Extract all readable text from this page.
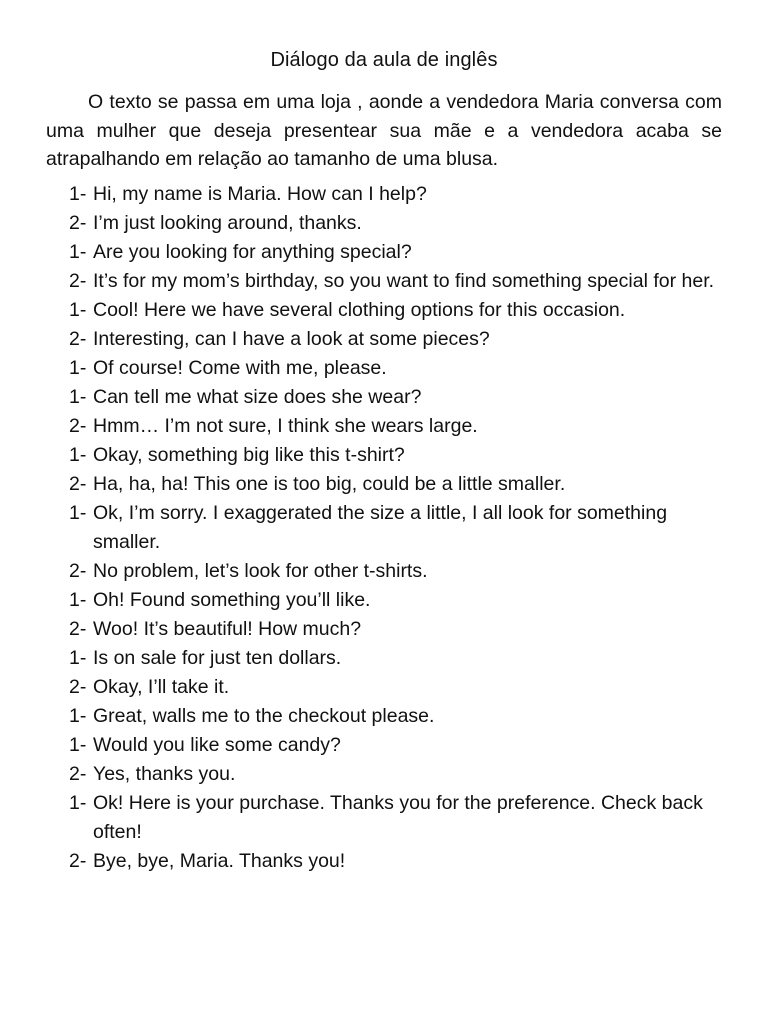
Diálogo da aula de inglês

O texto se passa em uma loja , aonde a vendedora Maria conversa com uma mulher que deseja presentear sua mãe e a vendedora acaba se atrapalhando em relação ao tamanho de uma blusa.

1- Hi, my name is Maria. How can I help?
2- I’m just looking around, thanks.
1- Are you looking for anything special?
2- It’s for my mom’s birthday, so you want to find something special for her.
1- Cool! Here we have several clothing options for this occasion.
2- Interesting, can I have a look at some pieces?
1- Of course! Come with me, please.
1- Can tell me what size does she wear?
2- Hmm… I’m not sure, I think she wears large.
1- Okay, something big like this t-shirt?
2- Ha, ha, ha! This one is too big, could be a little smaller.
1- Ok, I’m sorry. I exaggerated the size a little, I all look for something smaller.
2- No problem, let’s look for other t-shirts.
1- Oh! Found something you’ll like.
2- Woo! It’s beautiful! How much?
1- Is on sale for just ten dollars.
2- Okay, I’ll take it.
1- Great, walls me to the checkout please.
1- Would you like some candy?
2- Yes, thanks you.
1- Ok! Here is your purchase. Thanks you for the preference. Check back often!
2- Bye, bye, Maria. Thanks you!
